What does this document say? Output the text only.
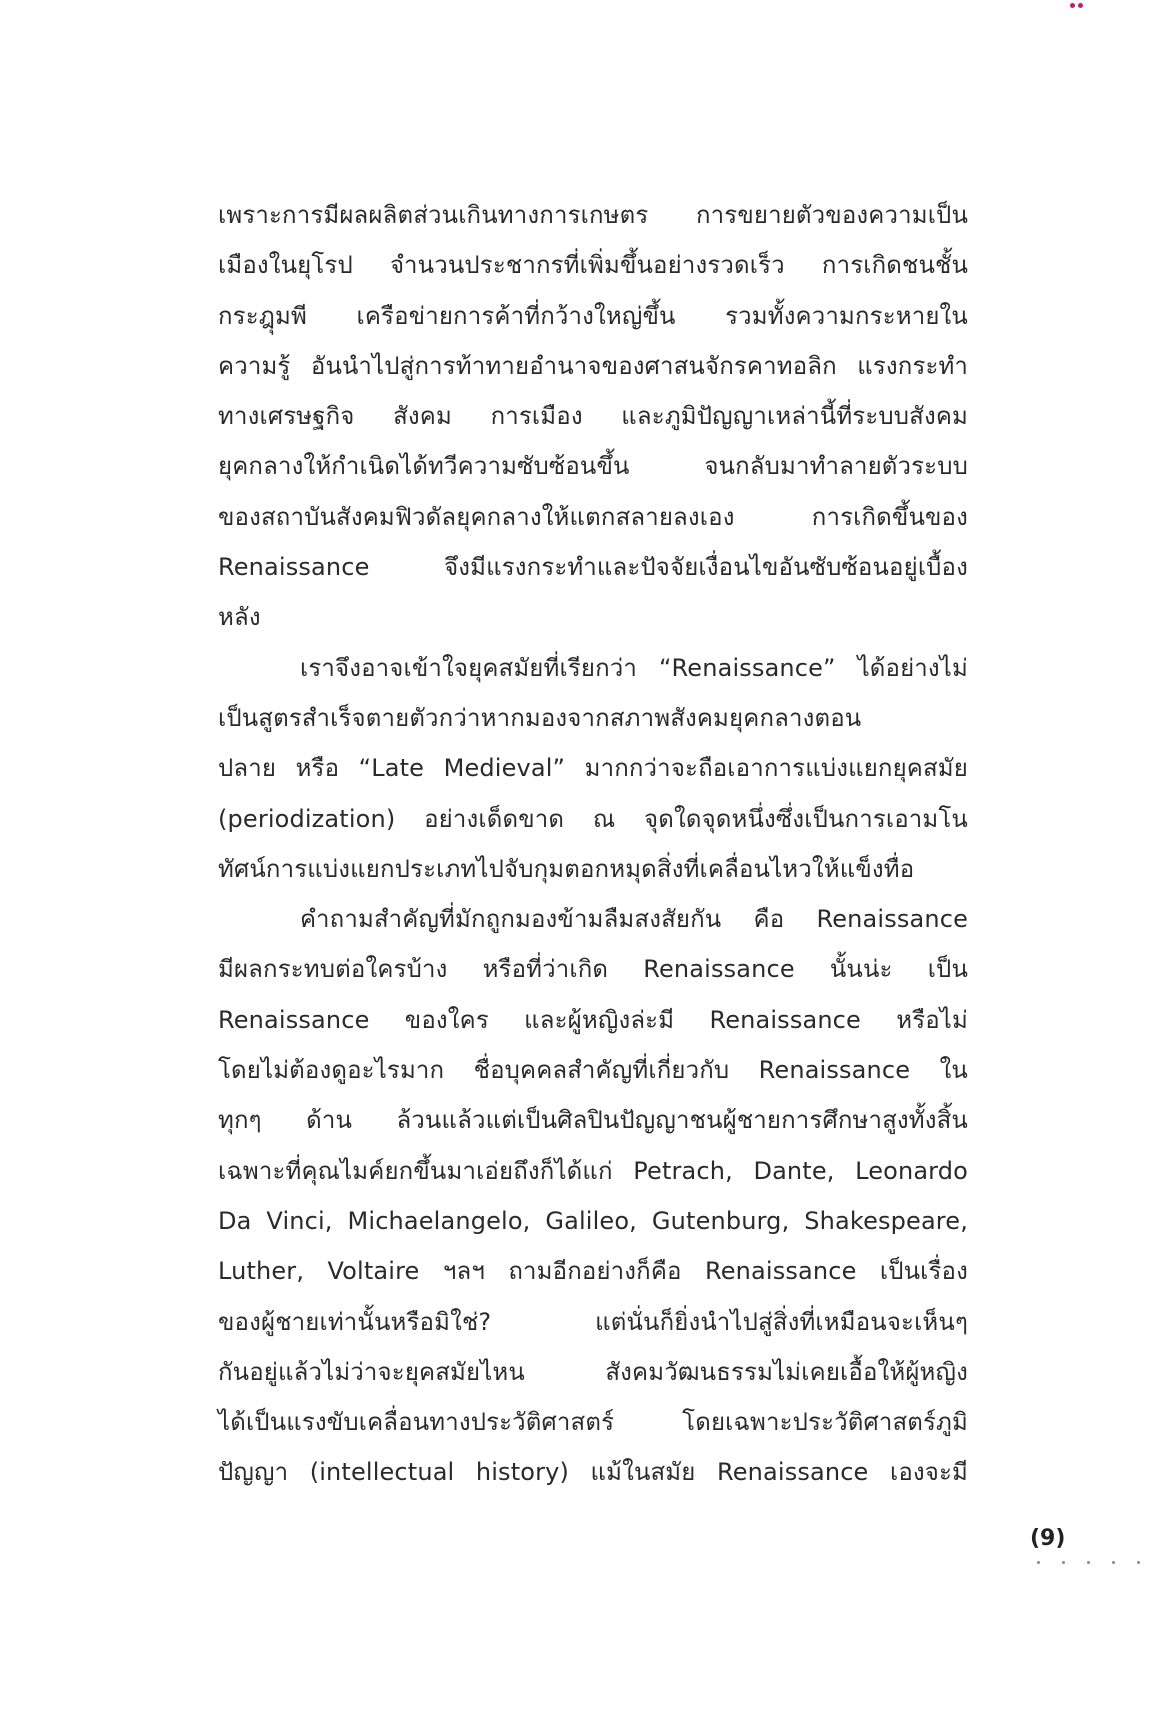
เพราะการมีผลผลิตส่วนเกินทางการเกษตร การขยายตัวของความเป็น
เมืองในยุโรป จำนวนประชากรที่เพิ่มขึ้นอย่างรวดเร็ว การเกิดชนชั้น
กระฎุมพี เครือข่ายการค้าที่กว้างใหญ่ขึ้น รวมทั้งความกระหายใน
ความรู้ อันนำไปสู่การท้าทายอำนาจของศาสนจักรคาทอลิก แรงกระทำ
ทางเศรษฐกิจ สังคม การเมือง และภูมิปัญญาเหล่านี้ที่ระบบสังคม
ยุคกลางให้กำเนิดได้ทวีความซับซ้อนขึ้น จนกลับมาทำลายตัวระบบ
ของสถาบันสังคมฟิวดัลยุคกลางให้แตกสลายลงเอง การเกิดขึ้นของ
Renaissance จึงมีแรงกระทำและปัจจัยเงื่อนไขอันซับซ้อนอยู่เบื้อง
หลัง
เราจึงอาจเข้าใจยุคสมัยที่เรียกว่า “Renaissance” ได้อย่างไม่
เป็นสูตรสำเร็จตายตัวกว่าหากมองจากสภาพสังคมยุคกลางตอน
ปลาย หรือ “Late Medieval” มากกว่าจะถือเอาการแบ่งแยกยุคสมัย
(periodization) อย่างเด็ดขาด ณ จุดใดจุดหนึ่งซึ่งเป็นการเอามโน
ทัศน์การแบ่งแยกประเภทไปจับกุมตอกหมุดสิ่งที่เคลื่อนไหวให้แข็งทื่อ
คำถามสำคัญที่มักถูกมองข้ามลืมสงสัยกัน คือ Renaissance
มีผลกระทบต่อใครบ้าง หรือที่ว่าเกิด Renaissance นั้นน่ะ เป็น
Renaissance ของใคร และผู้หญิงล่ะมี Renaissance หรือไม่
โดยไม่ต้องดูอะไรมาก ชื่อบุคคลสำคัญที่เกี่ยวกับ Renaissance ใน
ทุกๆ ด้าน ล้วนแล้วแต่เป็นศิลปินปัญญาชนผู้ชายการศึกษาสูงทั้งสิ้น
เฉพาะที่คุณไมค์ยกขึ้นมาเอ่ยถึงก็ได้แก่ Petrach, Dante, Leonardo
Da Vinci, Michaelangelo, Galileo, Gutenburg, Shakespeare,
Luther, Voltaire ฯลฯ ถามอีกอย่างก็คือ Renaissance เป็นเรื่อง
ของผู้ชายเท่านั้นหรือมิใช่? แต่นั่นก็ยิ่งนำไปสู่สิ่งที่เหมือนจะเห็นๆ
กันอยู่แล้วไม่ว่าจะยุคสมัยไหน สังคมวัฒนธรรมไม่เคยเอื้อให้ผู้หญิง
ได้เป็นแรงขับเคลื่อนทางประวัติศาสตร์ โดยเฉพาะประวัติศาสตร์ภูมิ
ปัญญา (intellectual history) แม้ในสมัย Renaissance เองจะมี
(9)
